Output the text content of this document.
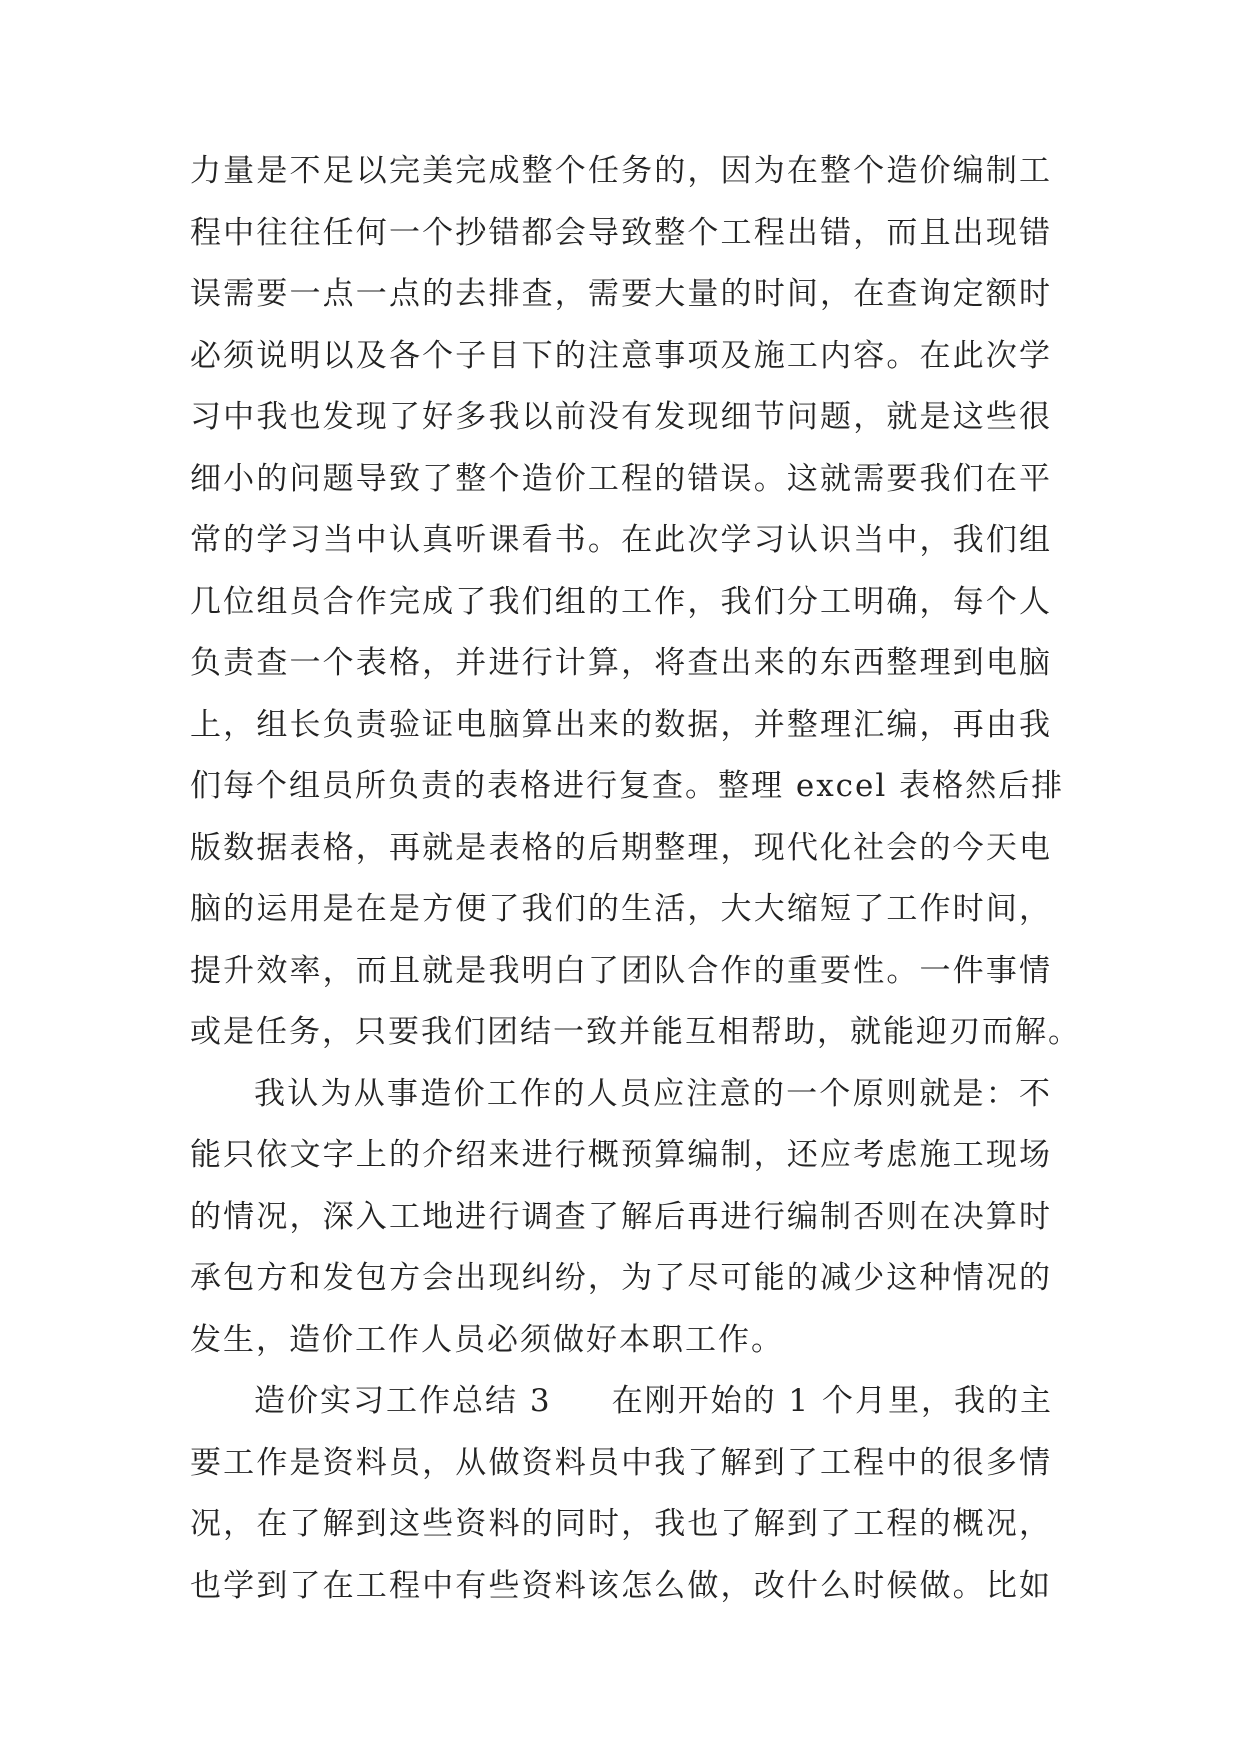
力量是不足以完美完成整个任务的，因为在整个造价编制工
程中往往任何一个抄错都会导致整个工程出错，而且出现错
误需要一点一点的去排查，需要大量的时间，在查询定额时
必须说明以及各个子目下的注意事项及施工内容。在此次学
习中我也发现了好多我以前没有发现细节问题，就是这些很
细小的问题导致了整个造价工程的错误。这就需要我们在平
常的学习当中认真听课看书。在此次学习认识当中，我们组
几位组员合作完成了我们组的工作，我们分工明确，每个人
负责查一个表格，并进行计算，将查出来的东西整理到电脑
上，组长负责验证电脑算出来的数据，并整理汇编，再由我
们每个组员所负责的表格进行复查。整理 excel 表格然后排
版数据表格，再就是表格的后期整理，现代化社会的今天电
脑的运用是在是方便了我们的生活，大大缩短了工作时间，
提升效率，而且就是我明白了团队合作的重要性。一件事情
或是任务，只要我们团结一致并能互相帮助，就能迎刃而解。
我认为从事造价工作的人员应注意的一个原则就是：不
能只依文字上的介绍来进行概预算编制，还应考虑施工现场
的情况，深入工地进行调查了解后再进行编制否则在决算时
承包方和发包方会出现纠纷，为了尽可能的减少这种情况的
发生，造价工作人员必须做好本职工作。
造价实习工作总结 3 在刚开始的 1 个月里，我的主
要工作是资料员，从做资料员中我了解到了工程中的很多情
况，在了解到这些资料的同时，我也了解到了工程的概况，
也学到了在工程中有些资料该怎么做，改什么时候做。比如
